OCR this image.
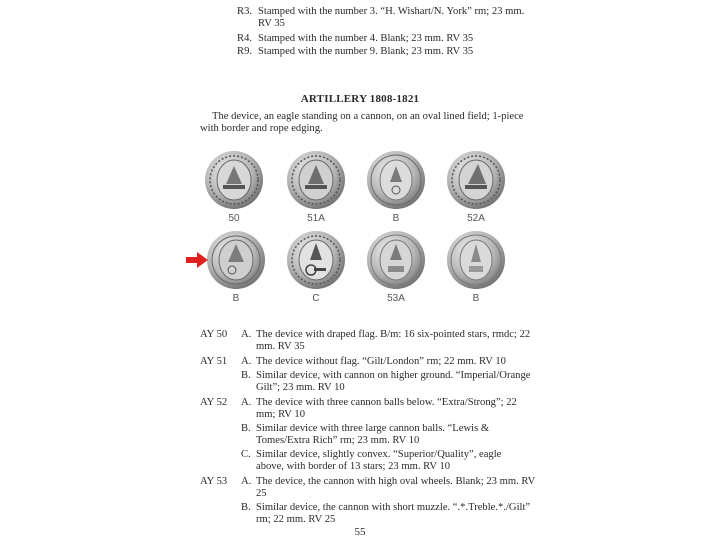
R3. Stamped with the number 3. “H. Wishart/N. York” rm; 23 mm.
RV 35
R4. Stamped with the number 4. Blank; 23 mm. RV 35
R9. Stamped with the number 9. Blank; 23 mm. RV 35
ARTILLERY 1808-1821
The device, an eagle standing on a cannon, on an oval lined field; 1-piece
with border and rope edging.
50	51A	B	52A
B	C	53A	B
AY 50 A. The device with draped flag. B/m: 16 six-pointed stars, rmdc; 22
mm. RV 35
AY 51 A. The device without flag. “Gilt/London” rm; 22 mm. RV 10
B. Similar device, with cannon on higher ground. “Imperial/Orange
Gilt”; 23 mm. RV 10
AY 52 A. The device with three cannon balls below. “Extra/Strong”; 22
mm; RV 10
B. Similar device with three large cannon balls. “Lewis &
Tomes/Extra Rich” rm; 23 mm. RV 10
C. Similar device, slightly convex. “Superior/Quality”, eagle
above, with border of 13 stars; 23 mm. RV 10
AY 53 A. The device, the cannon with high oval wheels. Blank; 23 mm. RV
25
B. Similar device, the cannon with short muzzle. “.*.Treble.*./Gilt”
rm; 22 mm. RV 25
55
